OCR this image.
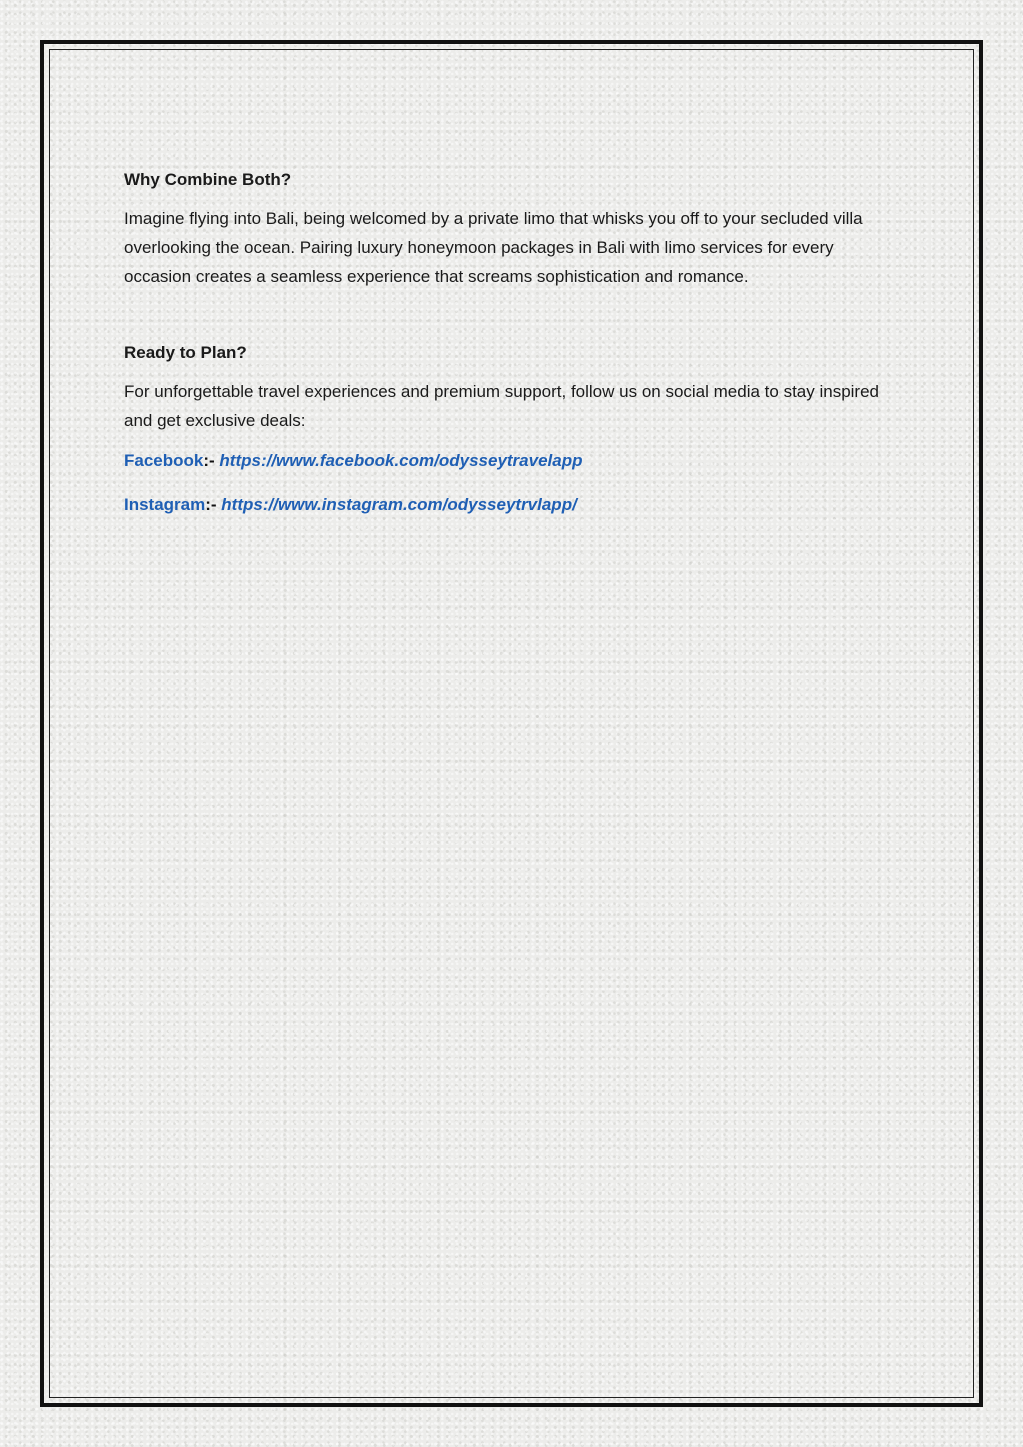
Why Combine Both?

Imagine flying into Bali, being welcomed by a private limo that whisks you off to your secluded villa overlooking the ocean. Pairing luxury honeymoon packages in Bali with limo services for every occasion creates a seamless experience that screams sophistication and romance.

Ready to Plan?

For unforgettable travel experiences and premium support, follow us on social media to stay inspired and get exclusive deals:

Facebook:- https://www.facebook.com/odysseytravelapp

Instagram:- https://www.instagram.com/odysseytrvlapp/
